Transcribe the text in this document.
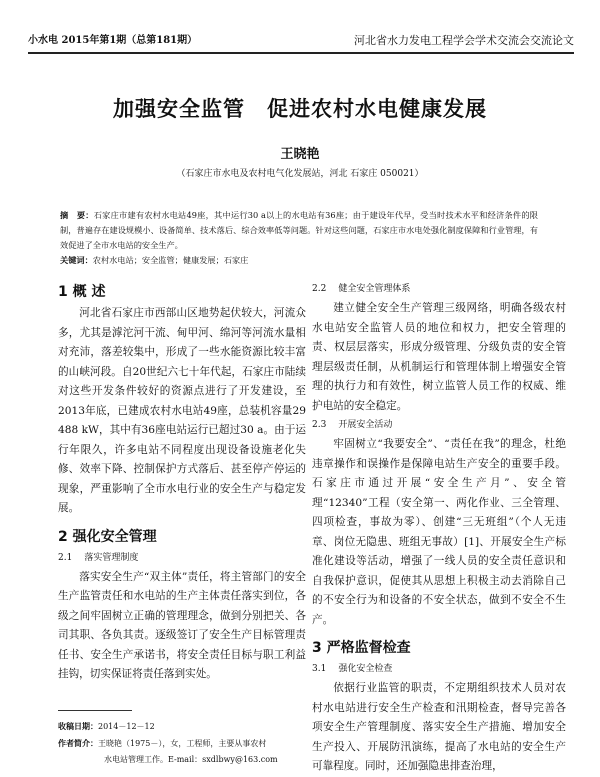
小水电 2015年第1期（总第181期）	河北省水力发电工程学会学术交流会交流论文
加强安全监管 促进农村水电健康发展
王晓艳
（石家庄市水电及农村电气化发展站，河北 石家庄 050021）
摘　要：石家庄市建有农村水电站49座，其中运行30 a以上的水电站有36座；由于建设年代早，受当时技术水平和经济条件的限制，普遍存在建设规模小、设备简单、技术落后、综合效率低等问题。针对这些问题，石家庄市水电处强化制度保障和行业管理，有效促进了全市水电站的安全生产。
关键词：农村水电站；安全监管；健康发展；石家庄
1 概 述

河北省石家庄市西部山区地势起伏较大，河流众多，尤其是滹沱河干流、甸甲河、绵河等河流水量相对充沛，落差较集中，形成了一些水能资源比较丰富的山峡河段。自20世纪六七十年代起，石家庄市陆续对这些开发条件较好的资源点进行了开发建设，至2013年底，已建成农村水电站49座，总装机容量29 488 kW，其中有36座电站运行已超过30 a。由于运行年限久，许多电站不同程度出现设备设施老化失修、效率下降、控制保护方式落后、甚至停产停运的现象，严重影响了全市水电行业的安全生产与稳定发展。

2 强化安全管理
2.1 落实管理制度

落实安全生产“双主体”责任，将主管部门的安全生产监管责任和水电站的生产主体责任落实到位，各级之间牢固树立正确的管理理念，做到分别把关、各司其职、各负其责。逐级签订了安全生产目标管理责任书、安全生产承诺书，将安全责任目标与职工利益挂钩，切实保证将责任落到实处。

2.2 健全安全管理体系

建立健全安全生产管理三级网络，明确各级农村水电站安全监管人员的地位和权力，把安全管理的责、权层层落实，形成分级管理、分级负责的安全管理层级责任制，从机制运行和管理体制上增强安全管理的执行力和有效性，树立监管人员工作的权威、维护电站的安全稳定。

2.3 开展安全活动

牢固树立“我要安全”、“责任在我”的理念，杜绝违章操作和误操作是保障电站生产安全的重要手段。石家庄市通过开展“安全生产月”、安全管理“12340”工程（安全第一、两化作业、三全管理、四项检查，事故为零）、创建“三无班组”（个人无违章、岗位无隐患、班组无事故）[1]、开展安全生产标准化建设等活动，增强了一线人员的安全责任意识和自我保护意识，促使其从思想上积极主动去消除自己的不安全行为和设备的不安全状态，做到不安全不生产。

3 严格监督检查
3.1 强化安全检查

依据行业监管的职责，不定期组织技术人员对农村水电站进行安全生产检查和汛期检查，督导完善各项安全生产管理制度、落实安全生产措施、增加安全生产投入、开展防汛演练，提高了水电站的安全生产可靠程度。同时，还加强隐患排查治理，

收稿日期：2014－12－12
作者简介：王晓艳（1975－），女，工程师，主要从事农村
水电站管理工作。E-mail：sxdlbwy@163.com
